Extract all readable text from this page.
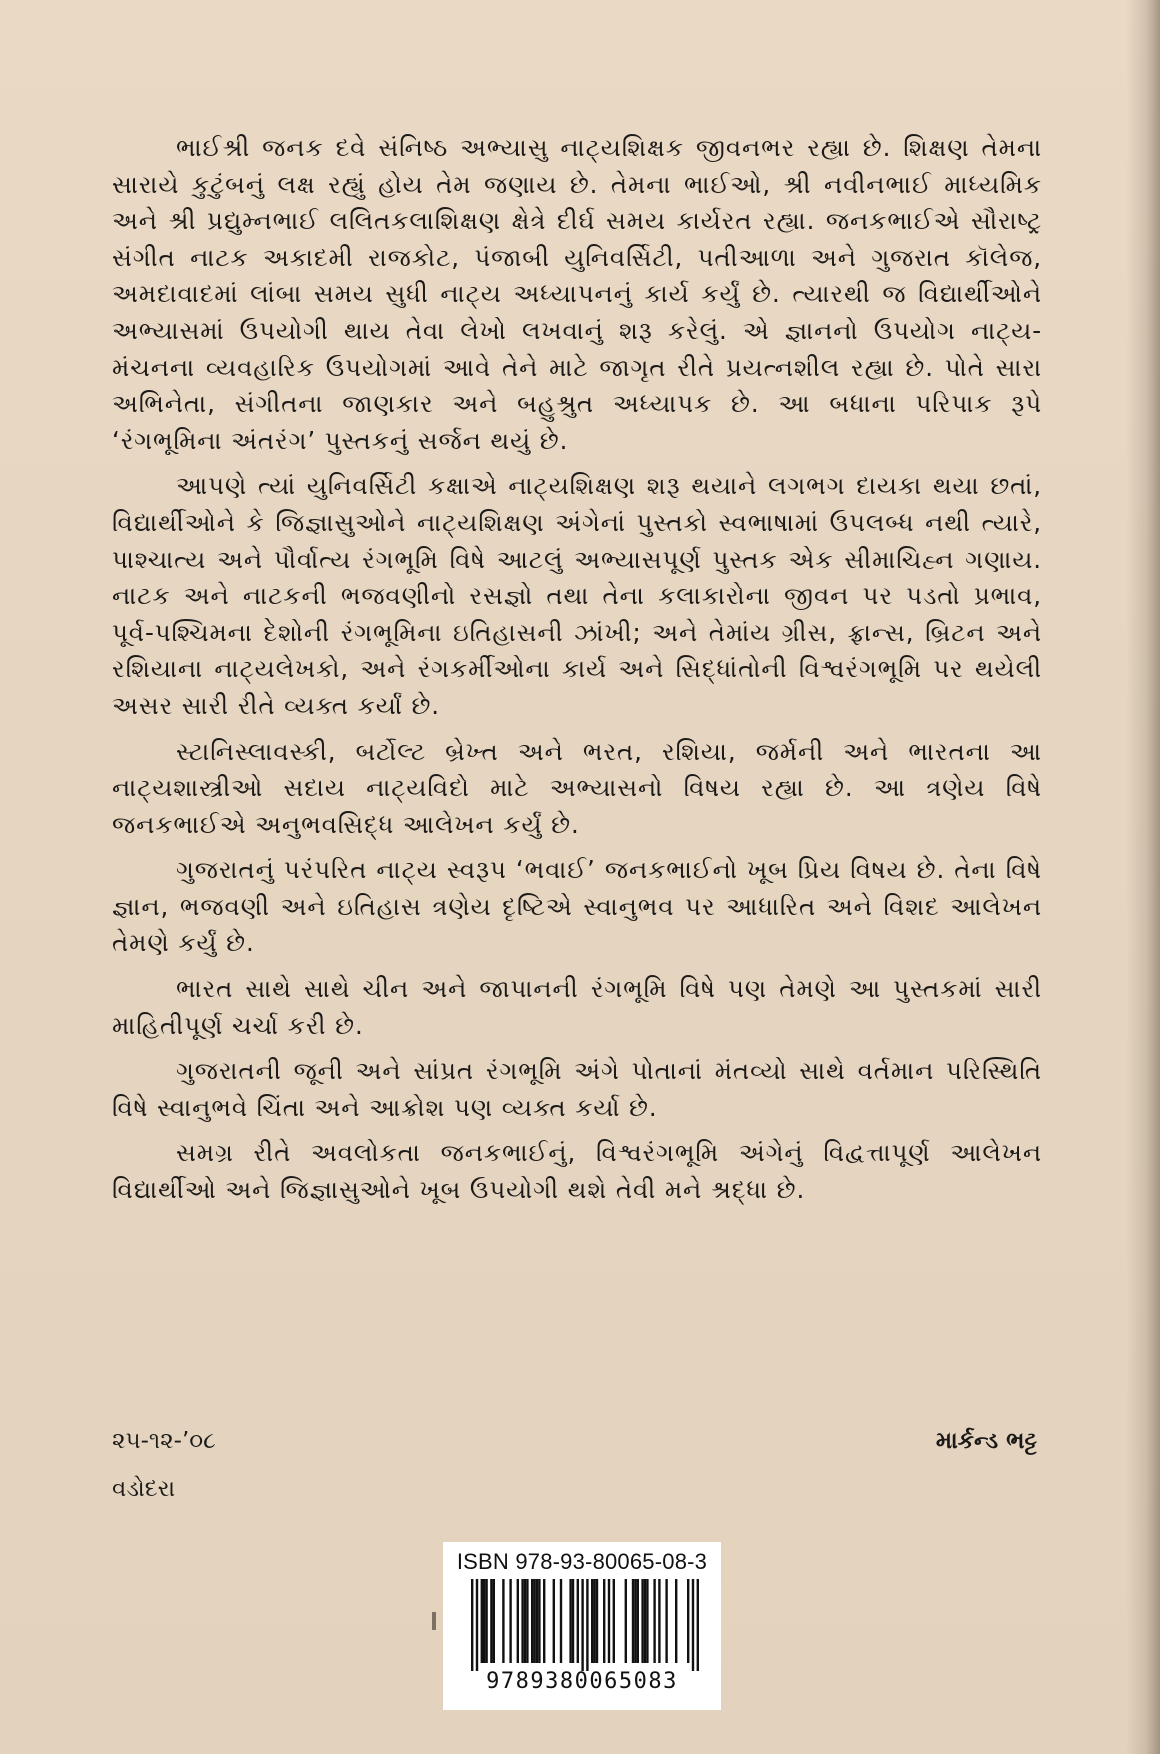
ભાઈશ્રી જનક દવે સંનિષ્ઠ અભ્યાસુ નાટ્યશિક્ષક જીવનભર રહ્યા છે. શિક્ષણ તેમના સારાયે કુટુંબનું લક્ષ રહ્યું હોય તેમ જણાય છે. તેમના ભાઈઓ, શ્રી નવીનભાઈ માધ્યમિક અને શ્રી પ્રદ્યુમ્નભાઈ લલિતકલાશિક્ષણ ક્ષેત્રે દીર્ઘ સમય કાર્યરત રહ્યા. જનકભાઈએ સૌરાષ્ટ્ર સંગીત નાટક અકાદમી રાજકોટ, પંજાબી યુનિવર્સિટી, પતીઆળા અને ગુજરાત કૉલેજ, અમદાવાદમાં લાંબા સમય સુધી નાટ્ય અધ્યાપનનું કાર્ય કર્યું છે. ત્યારથી જ વિદ્યાર્થીઓને અભ્યાસમાં ઉપયોગી થાય તેવા લેખો લખવાનું શરૂ કરેલું. એ જ્ઞાનનો ઉપયોગ નાટ્ય-મંચનના વ્યવહારિક ઉપયોગમાં આવે તેને માટે જાગૃત રીતે પ્રયત્નશીલ રહ્યા છે. પોતે સારા અભિનેતા, સંગીતના જાણકાર અને બહુશ્રુત અધ્યાપક છે. આ બધાના પરિપાક રૂપે ‘રંગભૂમિના અંતરંગ’ પુસ્તકનું સર્જન થયું છે.

આપણે ત્યાં યુનિવર્સિટી કક્ષાએ નાટ્યશિક્ષણ શરૂ થયાને લગભગ દાયકા થયા છતાં, વિદ્યાર્થીઓને કે જિજ્ઞાસુઓને નાટ્યશિક્ષણ અંગેનાં પુસ્તકો સ્વભાષામાં ઉપલબ્ધ નથી ત્યારે, પાશ્ચાત્ય અને પૌર્વાત્ય રંગભૂમિ વિષે આટલું અભ્યાસપૂર્ણ પુસ્તક એક સીમાચિહ્ન ગણાય. નાટક અને નાટકની ભજવણીનો રસજ્ઞો તથા તેના કલાકારોના જીવન પર પડતો પ્રભાવ, પૂર્વ-પશ્ચિમના દેશોની રંગભૂમિના ઇતિહાસની ઝાંખી; અને તેમાંય ગ્રીસ, ફ્રાન્સ, બ્રિટન અને રશિયાના નાટ્યલેખકો, અને રંગકર્મીઓના કાર્ય અને સિદ્ધાંતોની વિશ્વરંગભૂમિ પર થયેલી અસર સારી રીતે વ્યક્ત કર્યાં છે.

સ્ટાનિસ્લાવસ્કી, બર્ટોલ્ટ બ્રેખ્ત અને ભરત, રશિયા, જર્મની અને ભારતના આ નાટ્યશાસ્ત્રીઓ સદાય નાટ્યવિદો માટે અભ્યાસનો વિષય રહ્યા છે. આ ત્રણેય વિષે જનકભાઈએ અનુભવસિદ્ધ આલેખન કર્યું છે.

ગુજરાતનું પરંપરિત નાટ્ય સ્વરૂપ ‘ભવાઈ’ જનકભાઈનો ખૂબ પ્રિય વિષય છે. તેના વિષે જ્ઞાન, ભજવણી અને ઇતિહાસ ત્રણેય દૃષ્ટિએ સ્વાનુભવ પર આધારિત અને વિશદ આલેખન તેમણે કર્યું છે.

ભારત સાથે સાથે ચીન અને જાપાનની રંગભૂમિ વિષે પણ તેમણે આ પુસ્તકમાં સારી માહિતીપૂર્ણ ચર્ચા કરી છે.

ગુજરાતની જૂની અને સાંપ્રત રંગભૂમિ અંગે પોતાનાં મંતવ્યો સાથે વર્તમાન પરિસ્થિતિ વિષે સ્વાનુભવે ચિંતા અને આક્રોશ પણ વ્યક્ત કર્યા છે.

સમગ્ર રીતે અવલોકતા જનકભાઈનું, વિશ્વરંગભૂમિ અંગેનું વિદ્વત્તાપૂર્ણ આલેખન વિદ્યાર્થીઓ અને જિજ્ઞાસુઓને ખૂબ ઉપયોગી થશે તેવી મને શ્રદ્ધા છે.

૨૫-૧૨-’૦૮	માર્કન્ડ ભટ્ટ
વડોદરા
ISBN 978-93-80065-08-3
9789380065083
